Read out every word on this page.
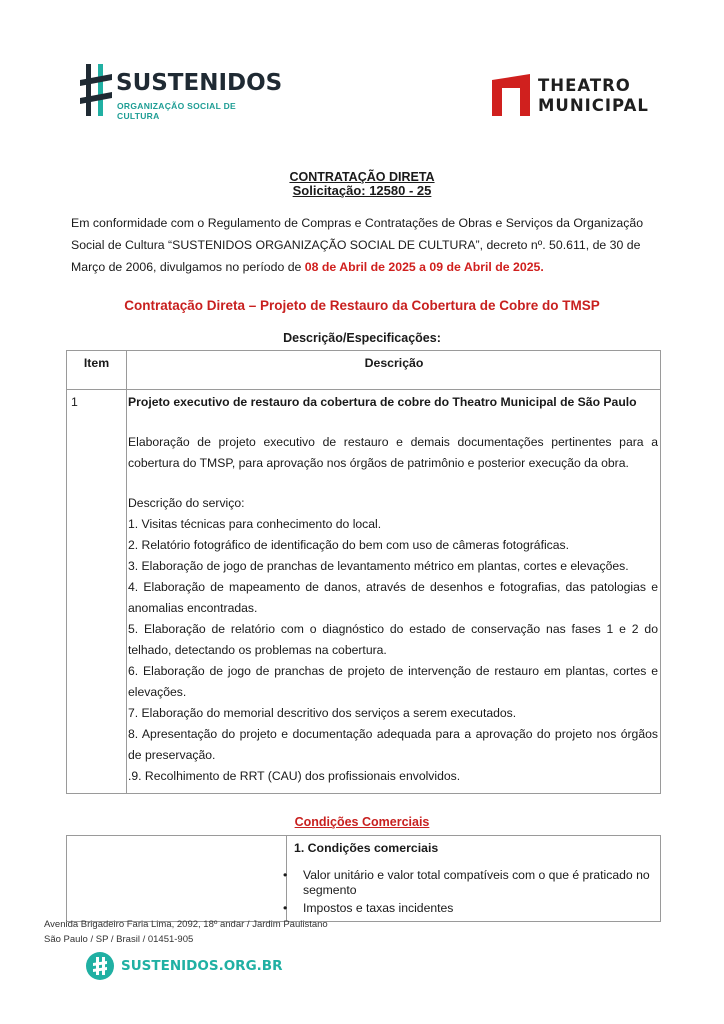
SUSTENIDOS
ORGANIZAÇÃO SOCIAL DE CULTURA
THEATRO
MUNICIPAL
CONTRATAÇÃO DIRETA
Solicitação: 12580 - 25
Em conformidade com o Regulamento de Compras e Contratações de Obras e Serviços da Organização Social de Cultura “SUSTENIDOS ORGANIZAÇÃO SOCIAL DE CULTURA”, decreto nº. 50.611, de 30 de Março de 2006, divulgamos no período de 08 de Abril de 2025 a 09 de Abril de 2025.
Contratação Direta – Projeto de Restauro da Cobertura de Cobre do TMSP
Descrição/Especificações:
Item	Descrição
1	Projeto executivo de restauro da cobertura de cobre do Theatro Municipal de São Paulo

Elaboração de projeto executivo de restauro e demais documentações pertinentes para a cobertura do TMSP, para aprovação nos órgãos de patrimônio e posterior execução da obra.

Descrição do serviço:

1. Visitas técnicas para conhecimento do local.

2. Relatório fotográfico de identificação do bem com uso de câmeras fotográficas.

3. Elaboração de jogo de pranchas de levantamento métrico em plantas, cortes e elevações.

4. Elaboração de mapeamento de danos, através de desenhos e fotografias, das patologias e anomalias encontradas.

5. Elaboração de relatório com o diagnóstico do estado de conservação nas fases 1 e 2 do telhado, detectando os problemas na cobertura.

6. Elaboração de jogo de pranchas de projeto de intervenção de restauro em plantas, cortes e elevações.

7. Elaboração do memorial descritivo dos serviços a serem executados.

8. Apresentação do projeto e documentação adequada para a aprovação do projeto nos órgãos de preservação.

.9. Recolhimento de RRT (CAU) dos profissionais envolvidos.

Condições Comerciais
1. Condições comerciais
• Valor unitário e valor total compatíveis com o que é praticado no segmento
• Impostos e taxas incidentes
Avenida Brigadeiro Faria Lima, 2092, 18º andar / Jardim Paulistano
São Paulo / SP / Brasil / 01451-905
SUSTENIDOS.ORG.BR
